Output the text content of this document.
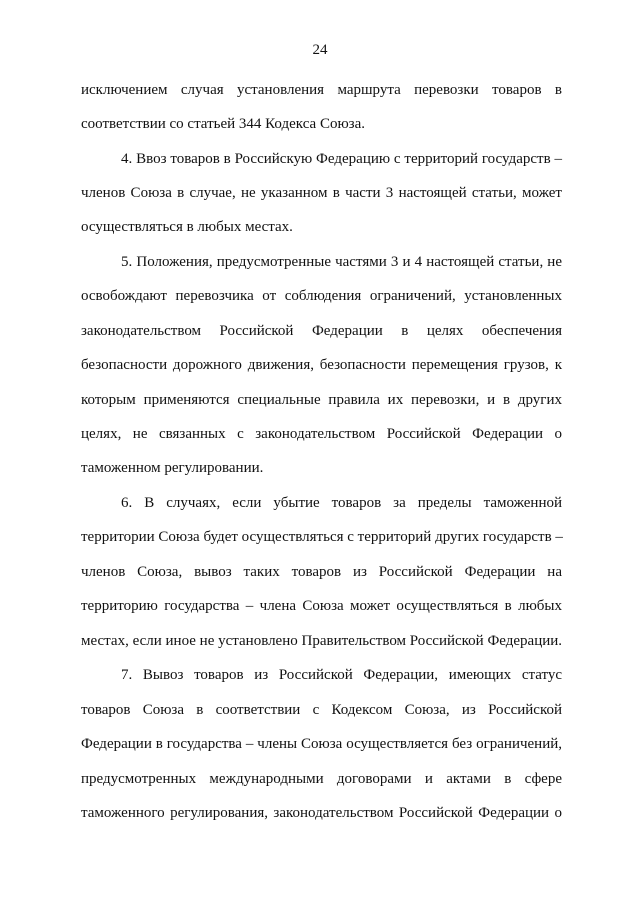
24
исключением случая установления маршрута перевозки товаров в
соответствии со статьей 344 Кодекса Союза.
4. Ввоз товаров в Российскую Федерацию с территорий государств –
членов Союза в случае, не указанном в части 3 настоящей статьи, может
осуществляться в любых местах.
5. Положения, предусмотренные частями 3 и 4 настоящей статьи, не
освобождают перевозчика от соблюдения ограничений, установленных
законодательством Российской Федерации в целях обеспечения
безопасности дорожного движения, безопасности перемещения грузов, к
которым применяются специальные правила их перевозки, и в других
целях, не связанных с законодательством Российской Федерации о
таможенном регулировании.
6. В случаях, если убытие товаров за пределы таможенной
территории Союза будет осуществляться с территорий других государств –
членов Союза, вывоз таких товаров из Российской Федерации на
территорию государства – члена Союза может осуществляться в любых
местах, если иное не установлено Правительством Российской Федерации.
7. Вывоз товаров из Российской Федерации, имеющих статус
товаров Союза в соответствии с Кодексом Союза, из Российской
Федерации в государства – члены Союза осуществляется без ограничений,
предусмотренных международными договорами и актами в сфере
таможенного регулирования, законодательством Российской Федерации о
